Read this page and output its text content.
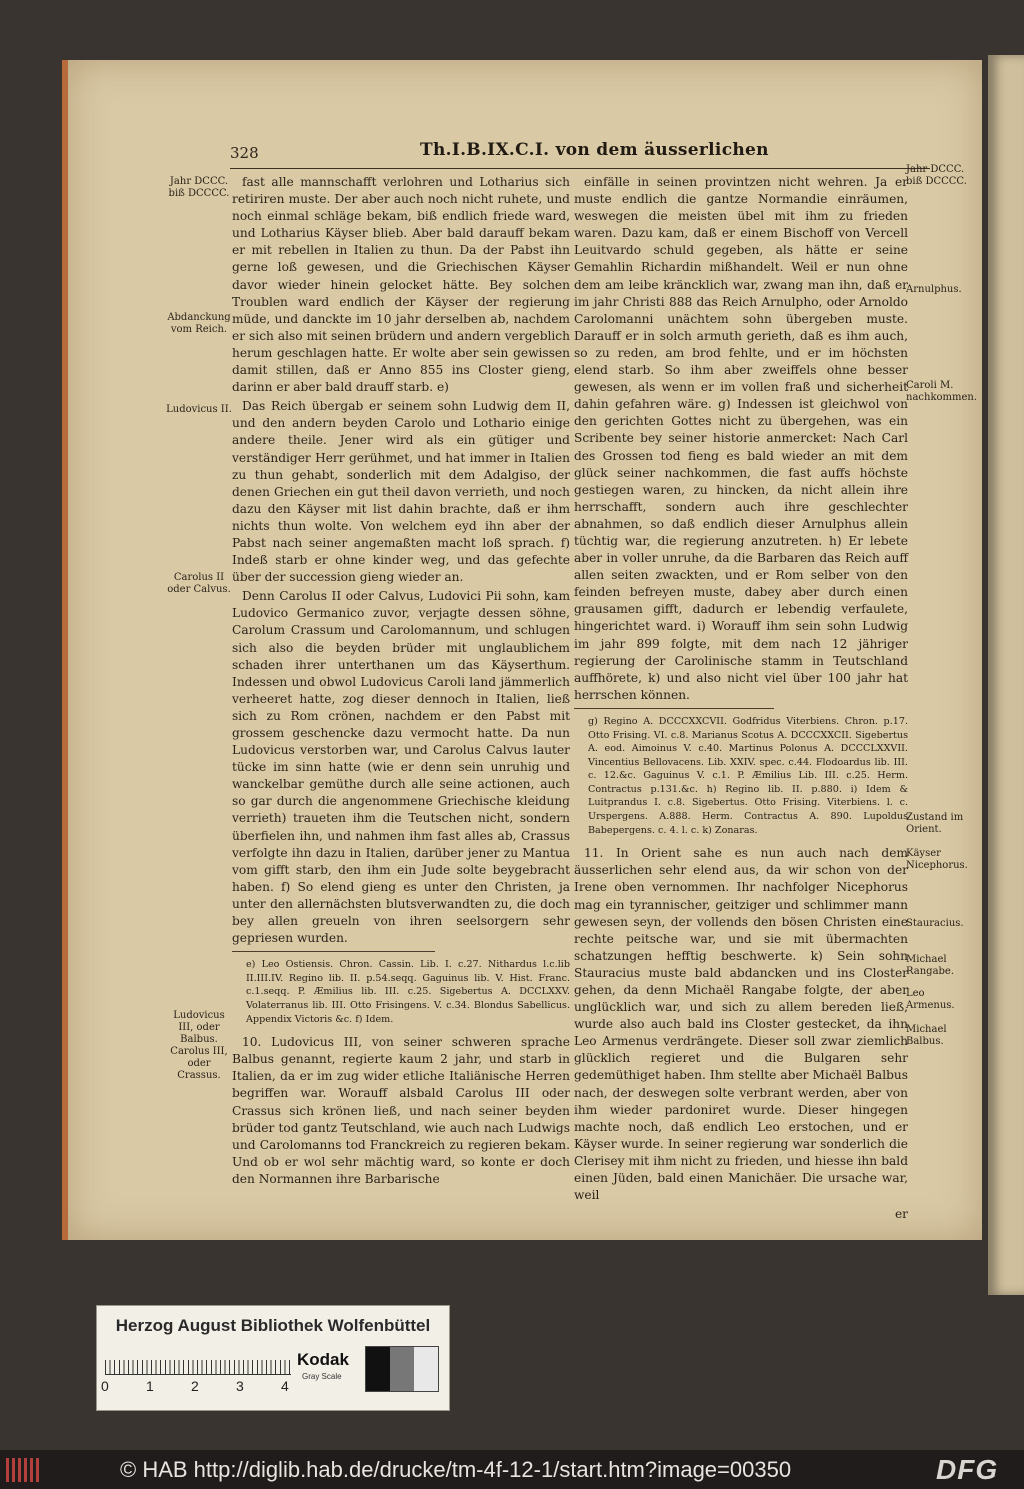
328	Th.I.B.IX.C.I. von dem äusserlichen
Jahr DCCC. biß DCCCC.
Abdanckung vom Reich.
Ludovicus II.
Carolus II oder Calvus.
Ludovicus III, oder Balbus. Carolus III, oder Crassus.
Jahr DCCC. biß DCCCC.
Arnulphus.
Caroli M. nachkommen.
Zustand im Orient.
Käyser Nicephorus.
Stauracius.
Michael Rangabe.
Leo Armenus.
Michael Balbus.

fast alle mannschafft verlohren und Lotharius sich retiriren muste. Der aber auch noch nicht ruhete, und noch einmal schläge bekam, biß endlich friede ward, und Lotharius Käyser blieb. Aber bald darauff bekam er mit rebellen in Italien zu thun. Da der Pabst ihn gerne loß gewesen, und die Griechischen Käyser davor wieder hinein gelocket hätte. Bey solchen Troublen ward endlich der Käyser der regierung müde, und danckte im 10 jahr derselben ab, nachdem er sich also mit seinen brüdern und andern vergeblich herum geschlagen hatte. Er wolte aber sein gewissen damit stillen, daß er Anno 855 ins Closter gieng, darinn er aber bald drauff starb. e)

Das Reich übergab er seinem sohn Ludwig dem II, und den andern beyden Carolo und Lothario einige andere theile. Jener wird als ein gütiger und verständiger Herr gerühmet, und hat immer in Italien zu thun gehabt, sonderlich mit dem Adalgiso, der denen Griechen ein gut theil davon verrieth, und noch dazu den Käyser mit list dahin brachte, daß er ihm nichts thun wolte. Von welchem eyd ihn aber der Pabst nach seiner angemaßten macht loß sprach. f) Indeß starb er ohne kinder weg, und das gefechte über der succession gieng wieder an.

Denn Carolus II oder Calvus, Ludovici Pii sohn, kam Ludovico Germanico zuvor, verjagte dessen söhne, Carolum Crassum und Carolomannum, und schlugen sich also die beyden brüder mit unglaublichem schaden ihrer unterthanen um das Käyserthum. Indessen und obwol Ludovicus Caroli land jämmerlich verheeret hatte, zog dieser dennoch in Italien, ließ sich zu Rom crönen, nachdem er den Pabst mit grossem geschencke dazu vermocht hatte. Da nun Ludovicus verstorben war, und Carolus Calvus lauter tücke im sinn hatte (wie er denn sein unruhig und wanckelbar gemüthe durch alle seine actionen, auch so gar durch die angenommene Griechische kleidung verrieth) traueten ihm die Teutschen nicht, sondern überfielen ihn, und nahmen ihm fast alles ab, Crassus verfolgte ihn dazu in Italien, darüber jener zu Mantua vom gifft starb, den ihm ein Jude solte beygebracht haben. f) So elend gieng es unter den Christen, ja unter den allernächsten blutsverwandten zu, die doch bey allen greueln von ihren seelsorgern sehr gepriesen wurden.

e) Leo Ostiensis. Chron. Cassin. Lib. I. c.27. Nithardus l.c.lib II.III.IV. Regino lib. II. p.54.seqq. Gaguinus lib. V. Hist. Franc. c.1.seqq. P. Æmilius lib. III. c.25. Sigebertus A. DCCLXXV. Volaterranus lib. III. Otto Frisingens. V. c.34. Blondus Sabellicus. Appendix Victoris &c. f) Idem.

10. Ludovicus III, von seiner schweren sprache Balbus genannt, regierte kaum 2 jahr, und starb in Italien, da er im zug wider etliche Italiänische Herren begriffen war. Worauff alsbald Carolus III oder Crassus sich krönen ließ, und nach seiner beyden brüder tod gantz Teutschland, wie auch nach Ludwigs und Carolomanns tod Franckreich zu regieren bekam. Und ob er wol sehr mächtig ward, so konte er doch den Normannen ihre Barbarische

einfälle in seinen provintzen nicht wehren. Ja er muste endlich die gantze Normandie einräumen, weswegen die meisten übel mit ihm zu frieden waren. Dazu kam, daß er einem Bischoff von Vercell Leuitvardo schuld gegeben, als hätte er seine Gemahlin Richardin mißhandelt. Weil er nun ohne dem am leibe kräncklich war, zwang man ihn, daß er im jahr Christi 888 das Reich Arnulpho, oder Arnoldo Carolomanni unächtem sohn übergeben muste. Darauff er in solch armuth gerieth, daß es ihm auch, so zu reden, am brod fehlte, und er im höchsten elend starb. So ihm aber zweiffels ohne besser gewesen, als wenn er im vollen fraß und sicherheit dahin gefahren wäre. g) Indessen ist gleichwol von den gerichten Gottes nicht zu übergehen, was ein Scribente bey seiner historie anmercket: Nach Carl des Grossen tod fieng es bald wieder an mit dem glück seiner nachkommen, die fast auffs höchste gestiegen waren, zu hincken, da nicht allein ihre herrschafft, sondern auch ihre geschlechter abnahmen, so daß endlich dieser Arnulphus allein tüchtig war, die regierung anzutreten. h) Er lebete aber in voller unruhe, da die Barbaren das Reich auff allen seiten zwackten, und er Rom selber von den feinden befreyen muste, dabey aber durch einen grausamen gifft, dadurch er lebendig verfaulete, hingerichtet ward. i) Worauff ihm sein sohn Ludwig im jahr 899 folgte, mit dem nach 12 jähriger regierung der Carolinische stamm in Teutschland auffhörete, k) und also nicht viel über 100 jahr hat herrschen können.

g) Regino A. DCCCXXCVII. Godfridus Viterbiens. Chron. p.17. Otto Frising. VI. c.8. Marianus Scotus A. DCCCXXCII. Sigebertus A. eod. Aimoinus V. c.40. Martinus Polonus A. DCCCLXXVII. Vincentius Bellovacens. Lib. XXIV. spec. c.44. Flodoardus lib. III. c. 12.&c. Gaguinus V. c.1. P. Æmilius Lib. III. c.25. Herm. Contractus p.131.&c. h) Regino lib. II. p.880. i) Idem & Luitprandus I. c.8. Sigebertus. Otto Frising. Viterbiens. l. c. Urspergens. A.888. Herm. Contractus A. 890. Lupoldus Babepergens. c. 4. l. c. k) Zonaras.

11. In Orient sahe es nun auch nach dem äusserlichen sehr elend aus, da wir schon von der Irene oben vernommen. Ihr nachfolger Nicephorus mag ein tyrannischer, geitziger und schlimmer mann gewesen seyn, der vollends den bösen Christen eine rechte peitsche war, und sie mit übermachten schatzungen hefftig beschwerte. k) Sein sohn Stauracius muste bald abdancken und ins Closter gehen, da denn Michaël Rangabe folgte, der aber unglücklich war, und sich zu allem bereden ließ, wurde also auch bald ins Closter gestecket, da ihn Leo Armenus verdrängete. Dieser soll zwar ziemlich glücklich regieret und die Bulgaren sehr gedemüthiget haben. Ihm stellte aber Michaël Balbus nach, der deswegen solte verbrant werden, aber von ihm wieder pardoniret wurde. Dieser hingegen machte noch, daß endlich Leo erstochen, und er Käyser wurde. In seiner regierung war sonderlich die Clerisey mit ihm nicht zu frieden, und hiesse ihn bald einen Jüden, bald einen Manichäer. Die ursache war, weil

er

Herzog August Bibliothek Wolfenbüttel
0	1	2	3	4
Kodak
Gray Scale
© HAB http://diglib.hab.de/drucke/tm-4f-12-1/start.htm?image=00350	DFG
